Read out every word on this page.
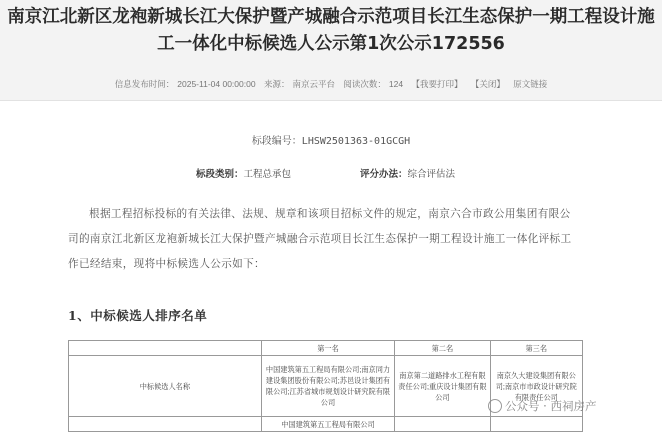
南京江北新区龙袍新城长江大保护暨产城融合示范项目长江生态保护一期工程设计施工一体化中标候选人公示第1次公示172556
信息发布时间： 2025-11-04 00:00:00 来源： 南京云平台 阅读次数： 124 【我要打印】 【关闭】 原文链接
标段编号：LHSW2501363-01GCGH
标段类别：工程总承包	评分办法：综合评估法

根据工程招标投标的有关法律、法规、规章和该项目招标文件的规定，南京六合市政公用集团有限公司的南京江北新区龙袍新城长江大保护暨产城融合示范项目长江生态保护一期工程设计施工一体化评标工作已经结束，现将中标候选人公示如下：

1、中标候选人排序名单
	第一名	第二名	第三名
中标候选人名称	中国建筑第五工程局有限公司;南京同力建设集团股份有限公司;苏邑设计集团有限公司;江苏省城市规划设计研究院有限公司	南京第二道路排水工程有限责任公司;重庆设计集团有限公司	南京久大建设集团有限公司;南京市市政设计研究院有限责任公司
	中国建筑第五工程局有限公司		
公众号 · 西祠房产
